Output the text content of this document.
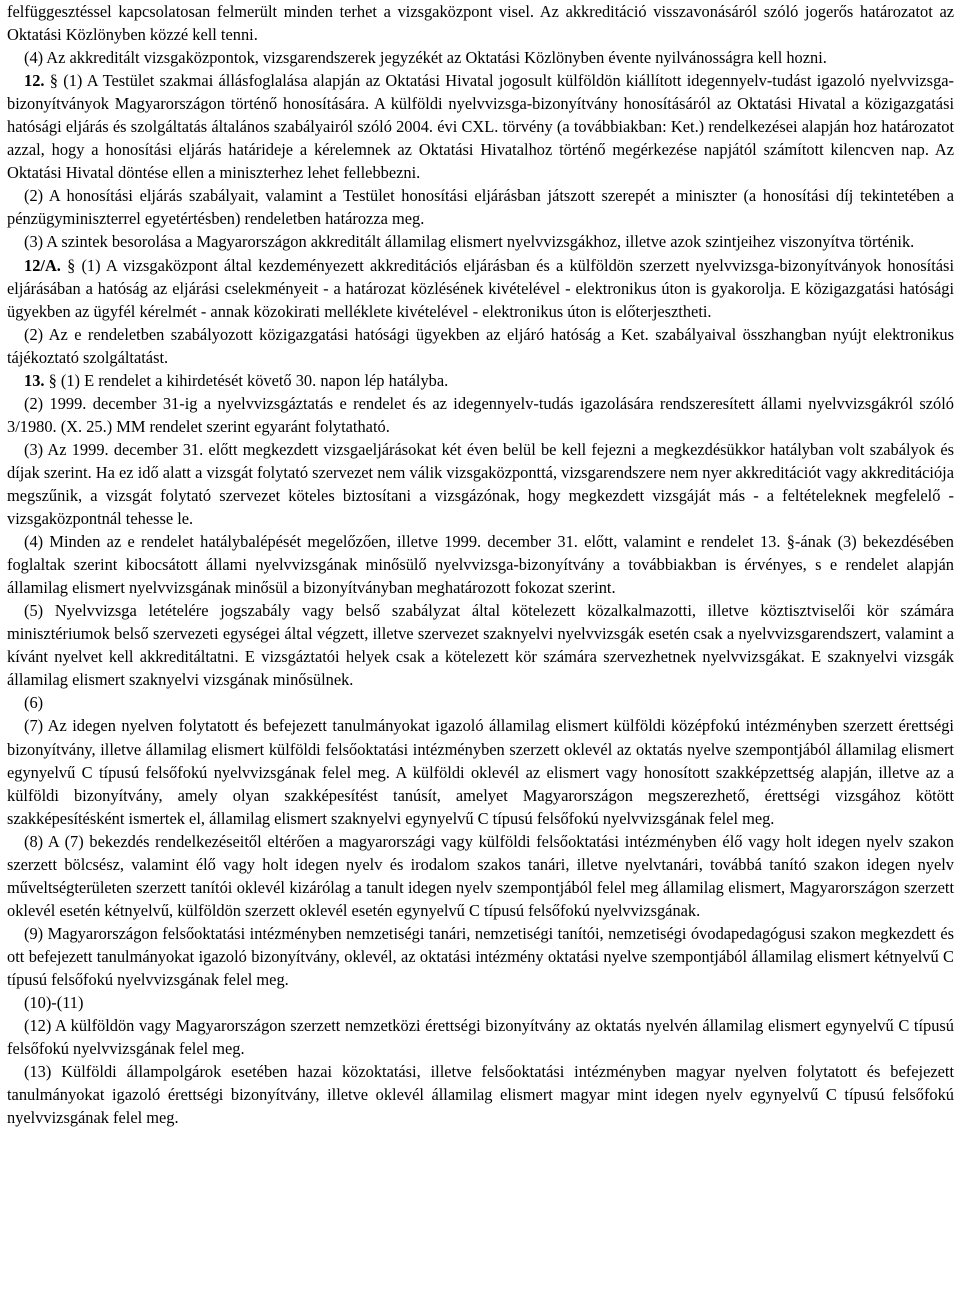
felfüggesztéssel kapcsolatosan felmerült minden terhet a vizsgaközpont visel. Az akkreditáció visszavonásáról szóló jogerős határozatot az Oktatási Közlönyben közzé kell tenni.

(4) Az akkreditált vizsgaközpontok, vizsgarendszerek jegyzékét az Oktatási Közlönyben évente nyilvánosságra kell hozni.

12. § (1) A Testület szakmai állásfoglalása alapján az Oktatási Hivatal jogosult külföldön kiállított idegennyelv-tudást igazoló nyelvvizsga-bizonyítványok Magyarországon történő honosítására. A külföldi nyelvvizsga-bizonyítvány honosításáról az Oktatási Hivatal a közigazgatási hatósági eljárás és szolgáltatás általános szabályairól szóló 2004. évi CXL. törvény (a továbbiakban: Ket.) rendelkezései alapján hoz határozatot azzal, hogy a honosítási eljárás határideje a kérelemnek az Oktatási Hivatalhoz történő megérkezése napjától számított kilencven nap. Az Oktatási Hivatal döntése ellen a miniszterhez lehet fellebbezni.

(2) A honosítási eljárás szabályait, valamint a Testület honosítási eljárásban játszott szerepét a miniszter (a honosítási díj tekintetében a pénzügyminiszterrel egyetértésben) rendeletben határozza meg.

(3) A szintek besorolása a Magyarországon akkreditált államilag elismert nyelvvizsgákhoz, illetve azok szintjeihez viszonyítva történik.

12/A. § (1) A vizsgaközpont által kezdeményezett akkreditációs eljárásban és a külföldön szerzett nyelvvizsga-bizonyítványok honosítási eljárásában a hatóság az eljárási cselekményeit - a határozat közlésének kivételével - elektronikus úton is gyakorolja. E közigazgatási hatósági ügyekben az ügyfél kérelmét - annak közokirati melléklete kivételével - elektronikus úton is előterjesztheti.

(2) Az e rendeletben szabályozott közigazgatási hatósági ügyekben az eljáró hatóság a Ket. szabályaival összhangban nyújt elektronikus tájékoztató szolgáltatást.

13. § (1) E rendelet a kihirdetését követő 30. napon lép hatályba.

(2) 1999. december 31-ig a nyelvvizsgáztatás e rendelet és az idegennyelv-tudás igazolására rendszeresített állami nyelvvizsgákról szóló 3/1980. (X. 25.) MM rendelet szerint egyaránt folytatható.

(3) Az 1999. december 31. előtt megkezdett vizsgaeljárásokat két éven belül be kell fejezni a megkezdésükkor hatályban volt szabályok és díjak szerint. Ha ez idő alatt a vizsgát folytató szervezet nem válik vizsgaközponttá, vizsgarendszere nem nyer akkreditációt vagy akkreditációja megszűnik, a vizsgát folytató szervezet köteles biztosítani a vizsgázónak, hogy megkezdett vizsgáját más - a feltételeknek megfelelő - vizsgaközpontnál tehesse le.

(4) Minden az e rendelet hatálybalépését megelőzően, illetve 1999. december 31. előtt, valamint e rendelet 13. §-ának (3) bekezdésében foglaltak szerint kibocsátott állami nyelvvizsgának minősülő nyelvvizsga-bizonyítvány a továbbiakban is érvényes, s e rendelet alapján államilag elismert nyelvvizsgának minősül a bizonyítványban meghatározott fokozat szerint.

(5) Nyelvvizsga letételére jogszabály vagy belső szabályzat által kötelezett közalkalmazotti, illetve köztisztviselői kör számára minisztériumok belső szervezeti egységei által végzett, illetve szervezet szaknyelvi nyelvvizsgák esetén csak a nyelvvizsgarendszert, valamint a kívánt nyelvet kell akkreditáltatni. E vizsgáztatói helyek csak a kötelezett kör számára szervezhetnek nyelvvizsgákat. E szaknyelvi vizsgák államilag elismert szaknyelvi vizsgának minősülnek.

(6)

(7) Az idegen nyelven folytatott és befejezett tanulmányokat igazoló államilag elismert külföldi középfokú intézményben szerzett érettségi bizonyítvány, illetve államilag elismert külföldi felsőoktatási intézményben szerzett oklevél az oktatás nyelve szempontjából államilag elismert egynyelvű C típusú felsőfokú nyelvvizsgának felel meg. A külföldi oklevél az elismert vagy honosított szakképzettség alapján, illetve az a külföldi bizonyítvány, amely olyan szakképesítést tanúsít, amelyet Magyarországon megszerezhető, érettségi vizsgához kötött szakképesítésként ismertek el, államilag elismert szaknyelvi egynyelvű C típusú felsőfokú nyelvvizsgának felel meg.

(8) A (7) bekezdés rendelkezéseitől eltérően a magyarországi vagy külföldi felsőoktatási intézményben élő vagy holt idegen nyelv szakon szerzett bölcsész, valamint élő vagy holt idegen nyelv és irodalom szakos tanári, illetve nyelvtanári, továbbá tanító szakon idegen nyelv műveltségterületen szerzett tanítói oklevél kizárólag a tanult idegen nyelv szempontjából felel meg államilag elismert, Magyarországon szerzett oklevél esetén kétnyelvű, külföldön szerzett oklevél esetén egynyelvű C típusú felsőfokú nyelvvizsgának.

(9) Magyarországon felsőoktatási intézményben nemzetiségi tanári, nemzetiségi tanítói, nemzetiségi óvodapedagógusi szakon megkezdett és ott befejezett tanulmányokat igazoló bizonyítvány, oklevél, az oktatási intézmény oktatási nyelve szempontjából államilag elismert kétnyelvű C típusú felsőfokú nyelvvizsgának felel meg.

(10)-(11)

(12) A külföldön vagy Magyarországon szerzett nemzetközi érettségi bizonyítvány az oktatás nyelvén államilag elismert egynyelvű C típusú felsőfokú nyelvvizsgának felel meg.

(13) Külföldi állampolgárok esetében hazai közoktatási, illetve felsőoktatási intézményben magyar nyelven folytatott és befejezett tanulmányokat igazoló érettségi bizonyítvány, illetve oklevél államilag elismert magyar mint idegen nyelv egynyelvű C típusú felsőfokú nyelvvizsgának felel meg.
